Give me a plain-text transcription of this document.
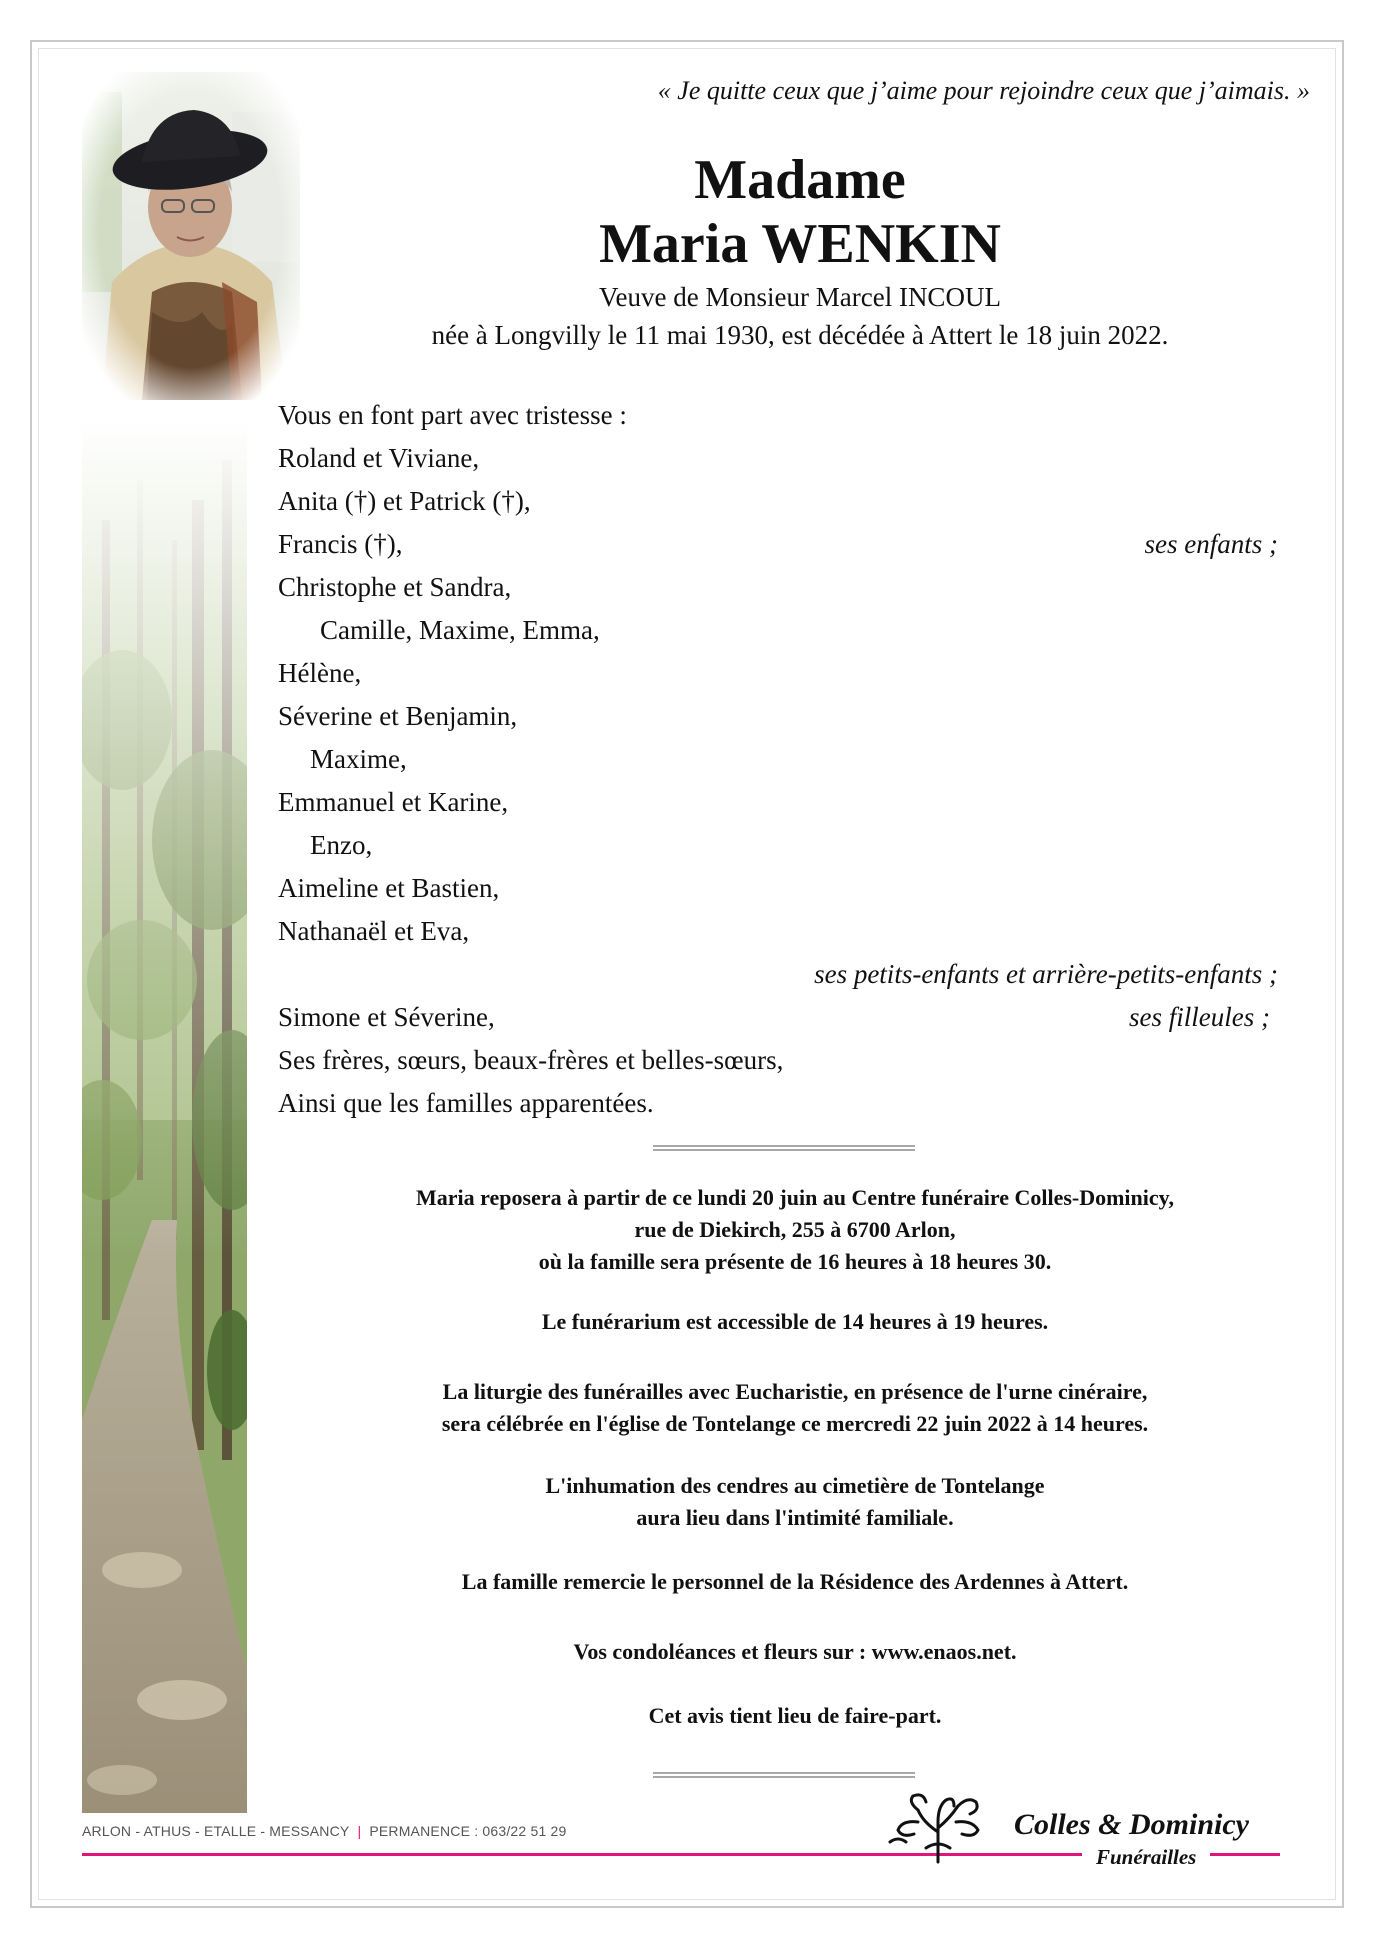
« Je quitte ceux que j’aime pour rejoindre ceux que j’aimais. »
Madame
Maria WENKIN
Veuve de Monsieur Marcel INCOUL
née à Longvilly le 11 mai 1930, est décédée à Attert le 18 juin 2022.
Vous en font part avec tristesse :
Roland et Viviane,
Anita (†) et Patrick (†),
Francis (†),	ses enfants ;
Christophe et Sandra,
Camille, Maxime, Emma,
Hélène,
Séverine et Benjamin,
Maxime,
Emmanuel et Karine,
Enzo,
Aimeline et Bastien,
Nathanaël et Eva,
ses petits-enfants et arrière-petits-enfants ;
Simone et Séverine,	ses filleules ;
Ses frères, sœurs, beaux-frères et belles-sœurs,
Ainsi que les familles apparentées.
Maria reposera à partir de ce lundi 20 juin au Centre funéraire Colles-Dominicy,
rue de Diekirch, 255 à 6700 Arlon,
où la famille sera présente de 16 heures à 18 heures 30.
Le funérarium est accessible de 14 heures à 19 heures.
La liturgie des funérailles avec Eucharistie, en présence de l'urne cinéraire,
sera célébrée en l'église de Tontelange ce mercredi 22 juin 2022 à 14 heures.
L'inhumation des cendres au cimetière de Tontelange
aura lieu dans l'intimité familiale.
La famille remercie le personnel de la Résidence des Ardennes à Attert.
Vos condoléances et fleurs sur : www.enaos.net.
Cet avis tient lieu de faire-part.
ARLON - ATHUS - ETALLE - MESSANCY | PERMANENCE : 063/22 51 29	Colles & Dominicy
Funérailles
